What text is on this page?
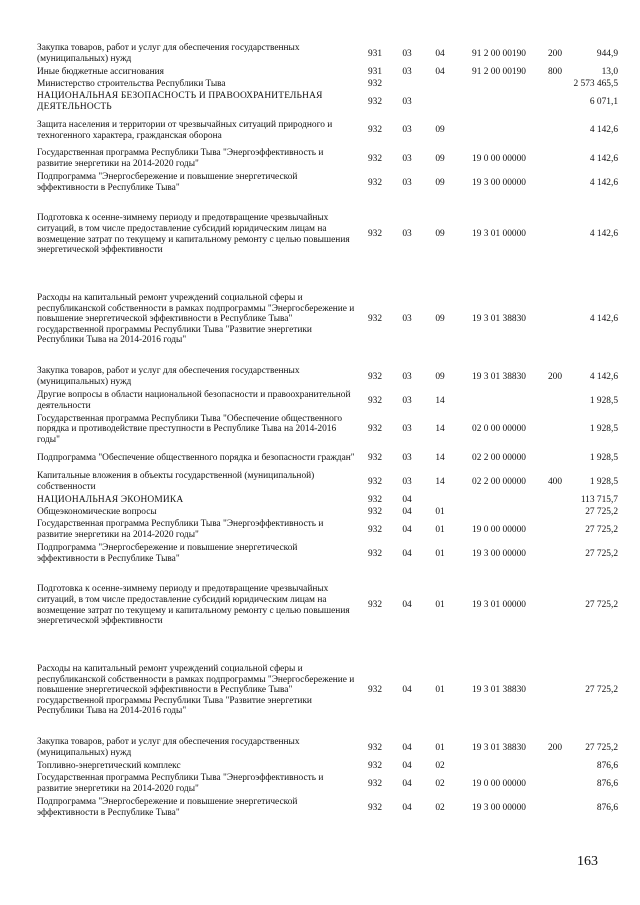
Закупка товаров, работ и услуг для обеспечения государственных (муниципальных) нужд	931	03	04	91 2 00 00190	200	944,9
Иные бюджетные ассигнования	931	03	04	91 2 00 00190	800	13,0
Министерство строительства Республики Тыва	932					2 573 465,5
НАЦИОНАЛЬНАЯ БЕЗОПАСНОСТЬ И ПРАВООХРАНИТЕЛЬНАЯ ДЕЯТЕЛЬНОСТЬ	932	03				6 071,1
Защита населения и территории от чрезвычайных ситуаций природного и техногенного характера, гражданская оборона	932	03	09			4 142,6
Государственная программа Республики Тыва "Энергоэффективность и развитие энергетики на 2014-2020 годы"	932	03	09	19 0 00 00000		4 142,6
Подпрограмма "Энергосбережение и повышение энергетической эффективности в Республике Тыва"	932	03	09	19 3 00 00000		4 142,6
Подготовка к осенне-зимнему периоду и предотвращение чрезвычайных ситуаций, в том числе предоставление субсидий юридическим лицам на возмещение затрат по текущему и капитальному ремонту с целью повышения энергетической эффективности	932	03	09	19 3 01 00000		4 142,6
Расходы на капитальный ремонт учреждений социальной сферы и республиканской собственности в рамках подпрограммы "Энергосбережение и повышение энергетической эффективности в Республике Тыва" государственной программы Республики Тыва "Развитие энергетики Республики Тыва на 2014-2016 годы"	932	03	09	19 3 01 38830		4 142,6
Закупка товаров, работ и услуг для обеспечения государственных (муниципальных) нужд	932	03	09	19 3 01 38830	200	4 142,6
Другие вопросы в области национальной безопасности и правоохранительной деятельности	932	03	14			1 928,5
Государственная программа Республики Тыва "Обеспечение общественного порядка и противодействие преступности в Республике Тыва на 2014-2016 годы"	932	03	14	02 0 00 00000		1 928,5
Подпрограмма "Обеспечение общественного порядка и безопасности граждан"	932	03	14	02 2 00 00000		1 928,5
Капитальные вложения в объекты государственной (муниципальной) собственности	932	03	14	02 2 00 00000	400	1 928,5
НАЦИОНАЛЬНАЯ ЭКОНОМИКА	932	04				113 715,7
Общеэкономические вопросы	932	04	01			27 725,2
Государственная программа Республики Тыва "Энергоэффективность и развитие энергетики на 2014-2020 годы"	932	04	01	19 0 00 00000		27 725,2
Подпрограмма "Энергосбережение и повышение энергетической эффективности в Республике Тыва"	932	04	01	19 3 00 00000		27 725,2
Подготовка к осенне-зимнему периоду и предотвращение чрезвычайных ситуаций, в том числе предоставление субсидий юридическим лицам на возмещение затрат по текущему и капитальному ремонту с целью повышения энергетической эффективности	932	04	01	19 3 01 00000		27 725,2
Расходы на капитальный ремонт учреждений социальной сферы и республиканской собственности в рамках подпрограммы "Энергосбережение и повышение энергетической эффективности в Республике Тыва" государственной программы Республики Тыва "Развитие энергетики Республики Тыва на 2014-2016 годы"	932	04	01	19 3 01 38830		27 725,2
Закупка товаров, работ и услуг для обеспечения государственных (муниципальных) нужд	932	04	01	19 3 01 38830	200	27 725,2
Топливно-энергетический комплекс	932	04	02			876,6
Государственная программа Республики Тыва "Энергоэффективность и развитие энергетики на 2014-2020 годы"	932	04	02	19 0 00 00000		876,6
Подпрограмма "Энергосбережение и повышение энергетической эффективности в Республике Тыва"	932	04	02	19 3 00 00000		876,6
163
